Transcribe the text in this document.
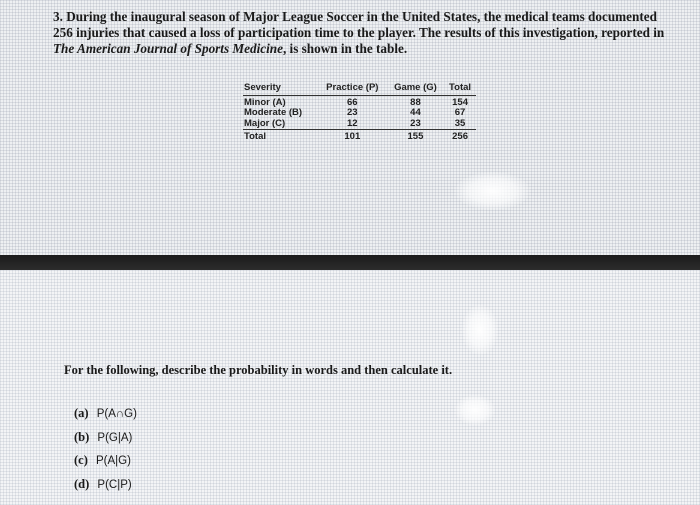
3. During the inaugural season of Major League Soccer in the United States, the medical teams documented 256 injuries that caused a loss of participation time to the player. The results of this investigation, reported in The American Journal of Sports Medicine, is shown in the table.

Severity	Practice (P)	Game (G)	Total
Minor (A)	66	88	154
Moderate (B)	23	44	67
Major (C)	12	23	35
Total	101	155	256

For the following, describe the probability in words and then calculate it.

(a) P(A∩G)
(b) P(G|A)
(c) P(A|G)
(d) P(C|P)
